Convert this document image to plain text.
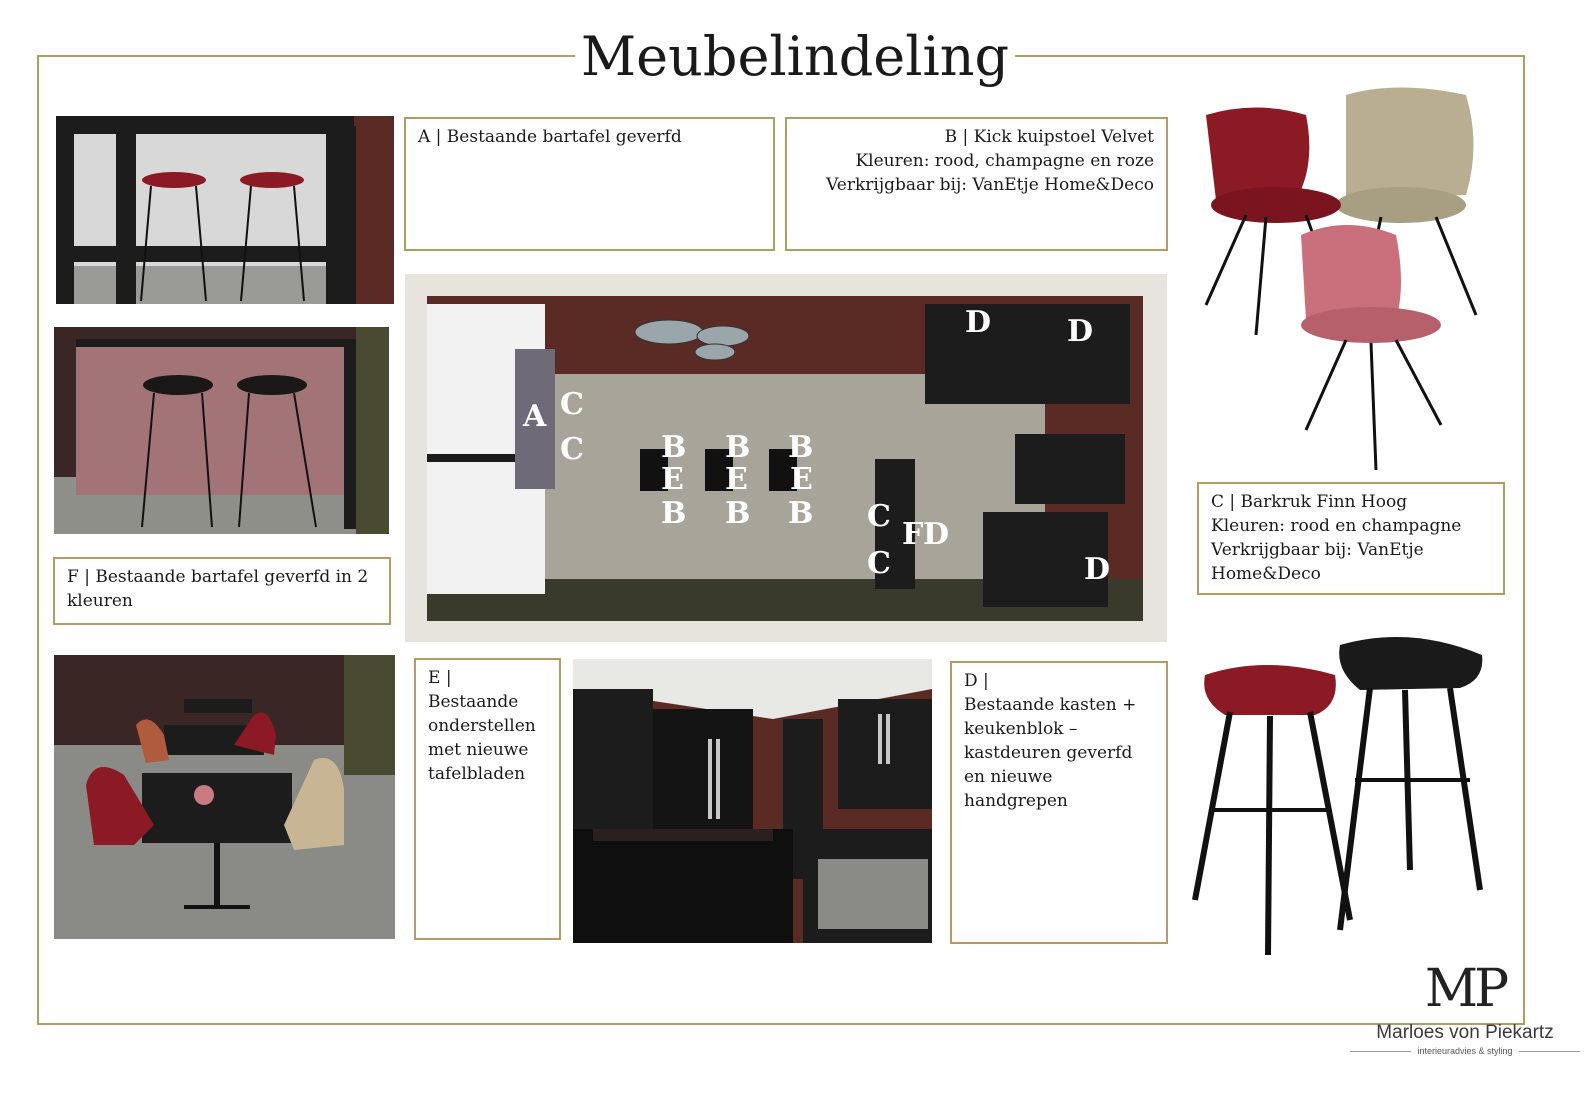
Meubelindeling
F | Bestaande bartafel geverfd in 2
kleuren
A | Bestaande bartafel geverfd	B | Kick kuipstoel Velvet
Kleuren: rood, champagne en roze
Verkrijgbaar bij: VanEtje Home&Deco
A C
C	B
E
B
B
E
B
B
E
B C
C
F D
D	D
D
E |
Bestaande
onderstellen
met nieuwe
tafelbladen
D |
Bestaande kasten +
keukenblok –
kastdeuren geverfd
en nieuwe
handgrepen
C | Barkruk Finn Hoog
Kleuren: rood en champagne
Verkrijgbaar bij: VanEtje
Home&Deco
MP
Marloes von Piekartz
interieuradvies & styling
